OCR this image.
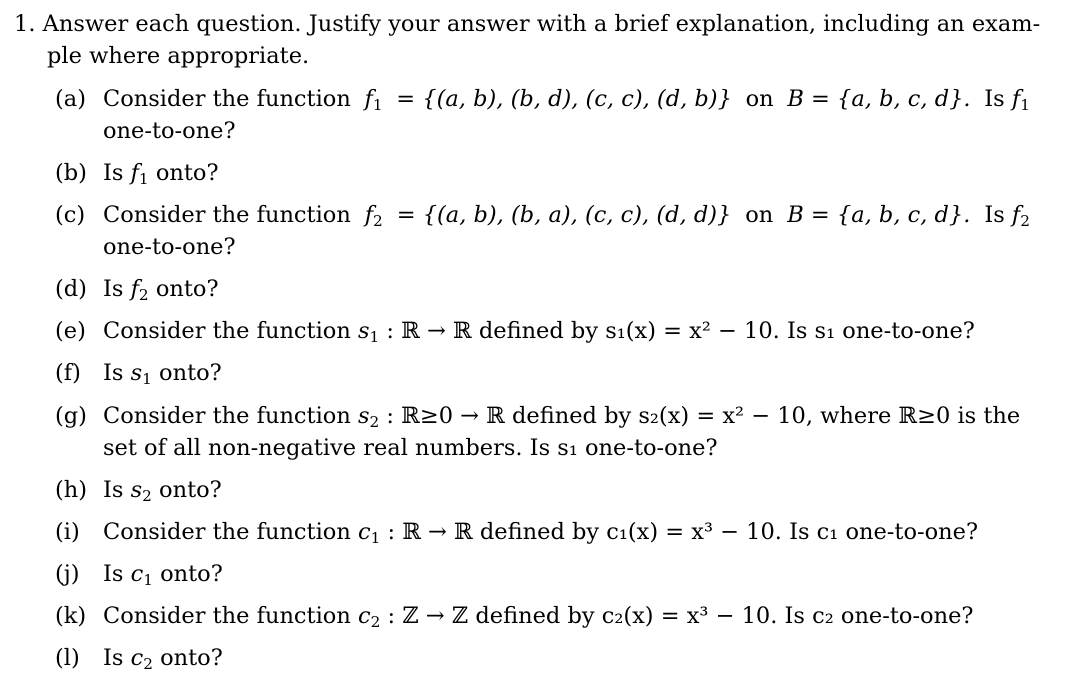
1. Answer each question. Justify your answer with a brief explanation, including an exam-
ple where appropriate.
(a) Consider the function $f_1 = \{(a$, b), (b, d), (c, c), (d, b)} on B = {a, b, c, d}. Is $f_1$
one-to-one?
(b) Is $f_1$ onto?
(c) Consider the function $f_2 = \{(a$, b), (b, a), (c, c), (d, d)} on B = {a, b, c, d}. Is $f_2$
one-to-one?
(d) Is $f_2$ onto?
(e) Consider the function $s_1$ : ℝ → ℝ defined by s₁(x) = x² − 10. Is s₁ one-to-one?
(f) Is $s_1$ onto?
(g) Consider the function $s_2$ : ℝ≥0 → ℝ defined by s₂(x) = x² − 10, where ℝ≥0 is the
set of all non-negative real numbers. Is s₁ one-to-one?
(h) Is $s_2$ onto?
(i) Consider the function $c_1$ : ℝ → ℝ defined by c₁(x) = x³ − 10. Is c₁ one-to-one?
(j) Is $c_1$ onto?
(k) Consider the function $c_2$ : ℤ → ℤ defined by c₂(x) = x³ − 10. Is c₂ one-to-one?
(l) Is $c_2$ onto?
